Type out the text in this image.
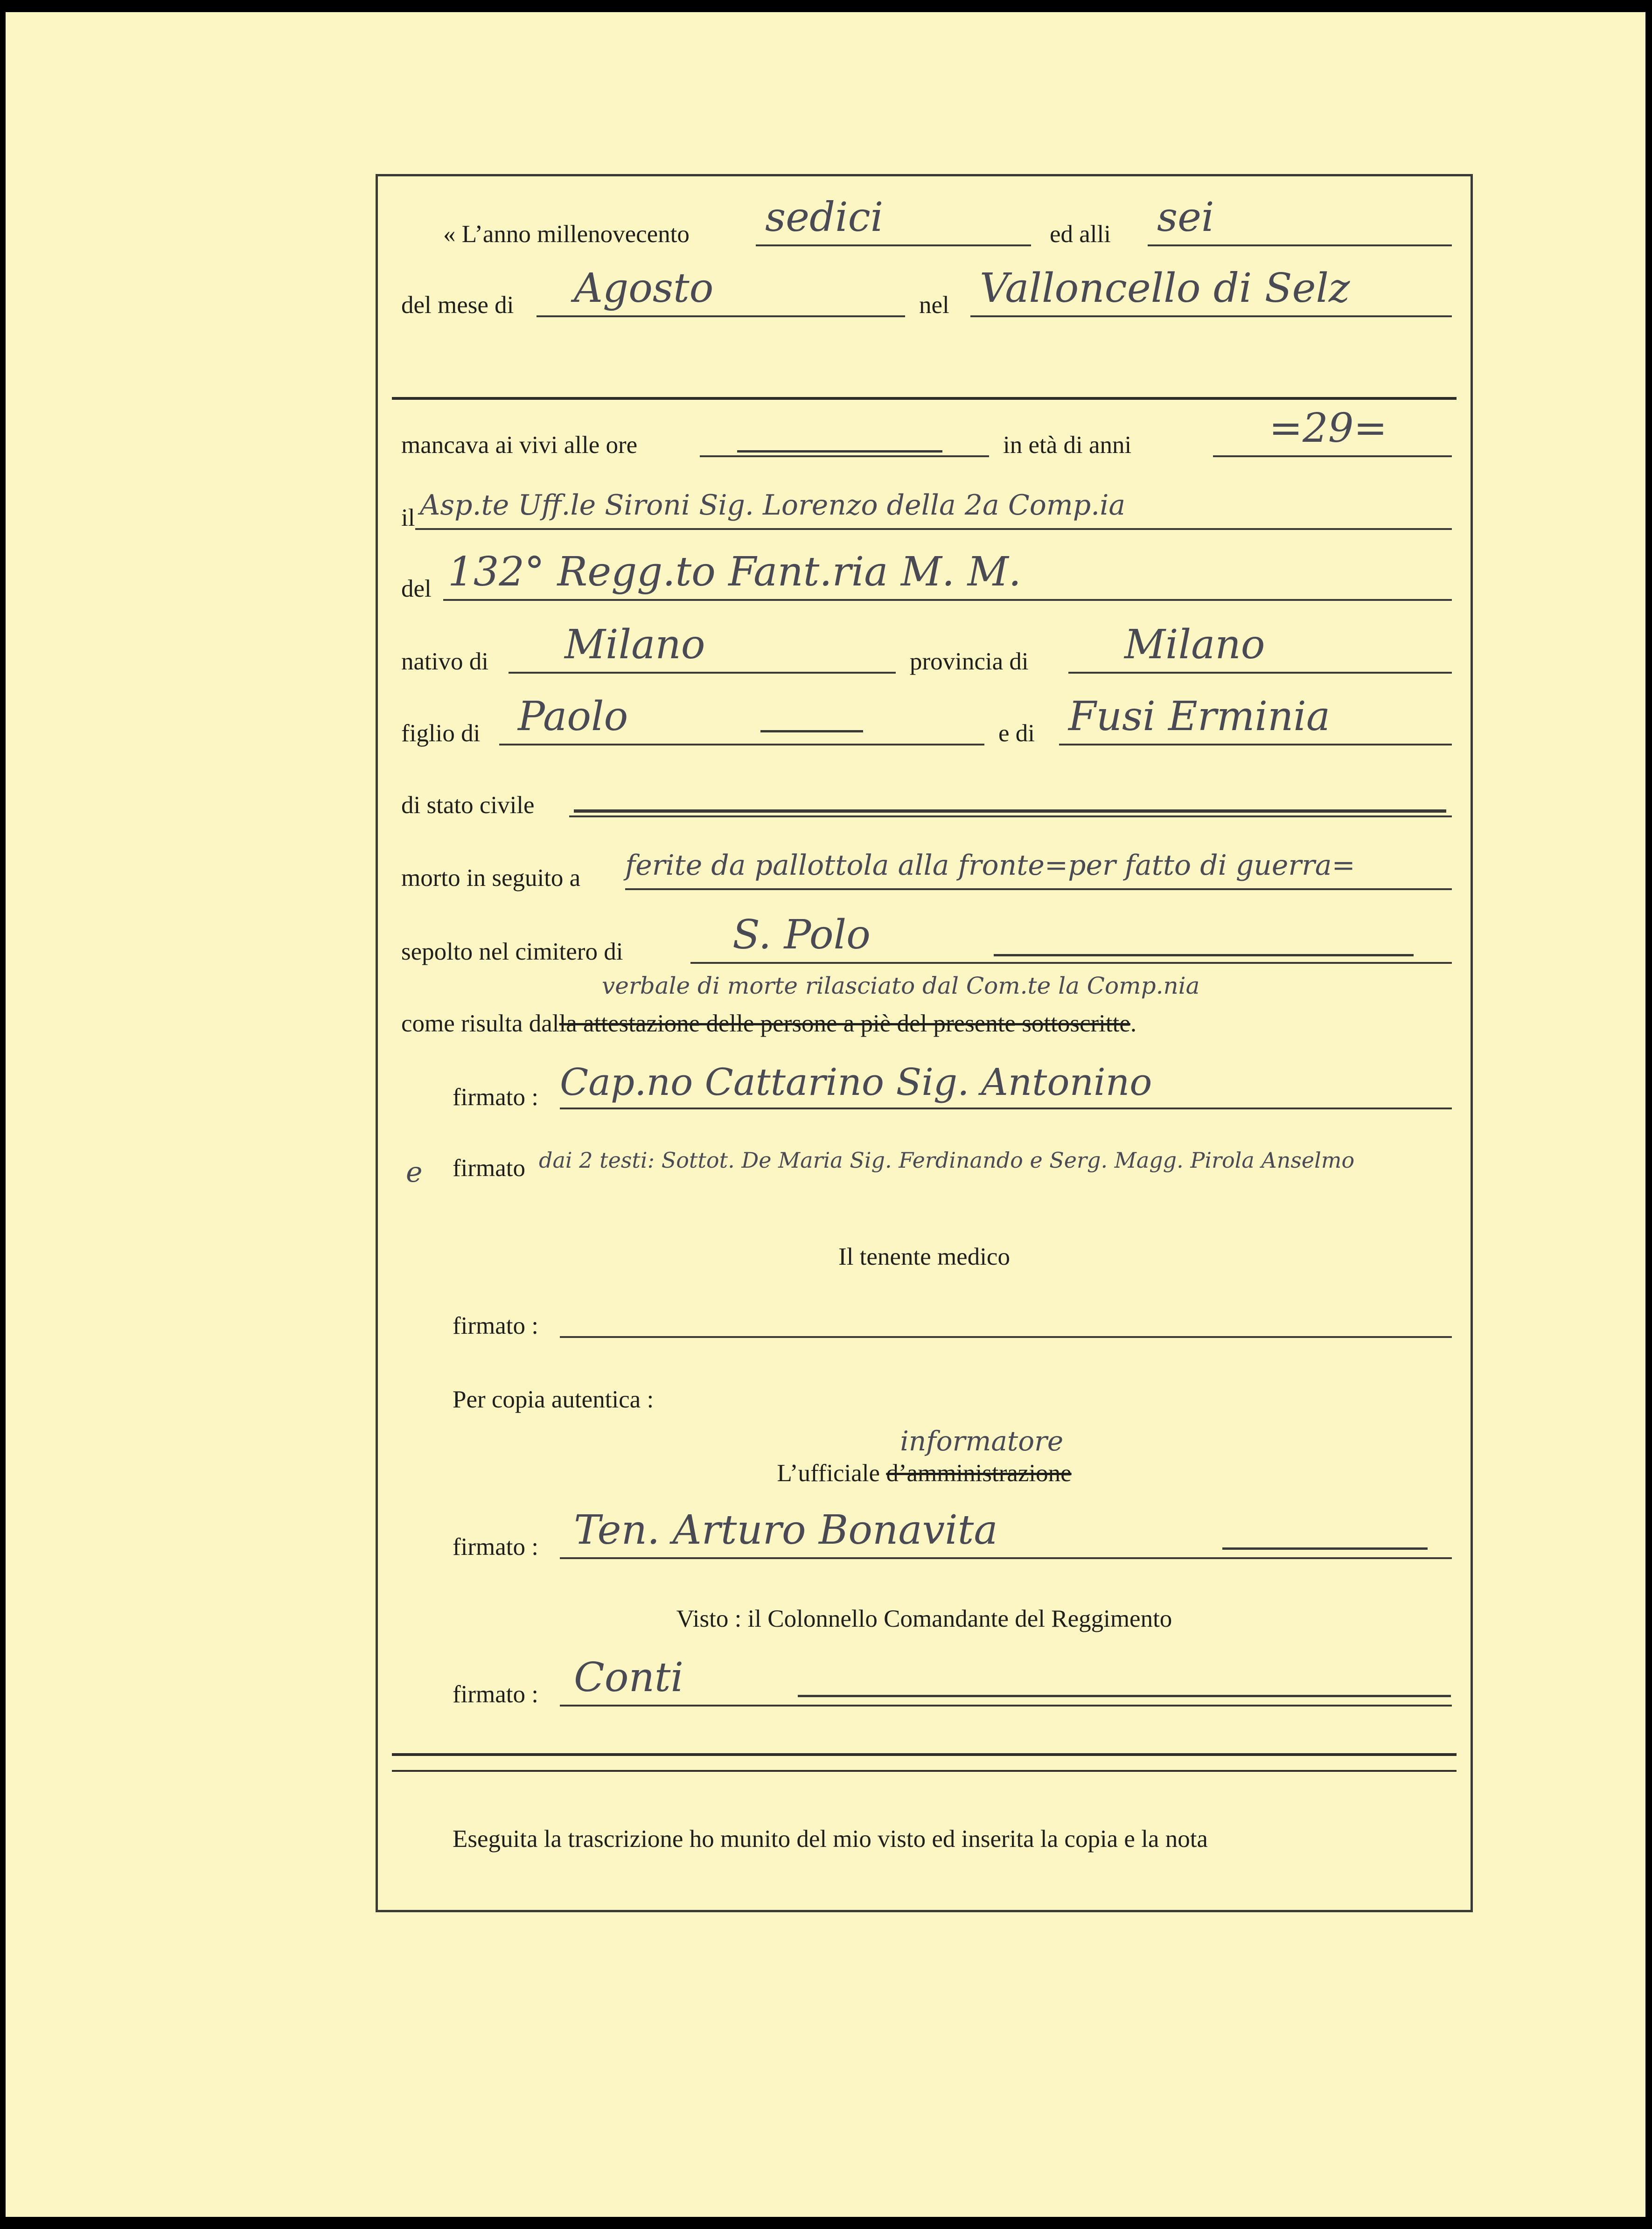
« L’anno millenovecento sedici	ed alli sei
del mese di Agosto	nel Valloncello di Selz
mancava ai vivi alle ore	in età di anni	=29=
il Asp.te Uff.le Sironi Sig. Lorenzo della 2a Comp.ia
del 132° Regg.to Fant.ria M. M.
nativo di Milano	provincia di Milano
figlio di Paolo	e di Fusi Erminia
di stato civile
morto in seguito a ferite da pallottola alla fronte=per fatto di guerra=
sepolto nel cimitero di	S. Polo
verbale di morte rilasciato dal Com.te la Comp.nia
come risulta dalla attestazione delle persone a piè del presente sottoscritte.
firmato : Cap.no Cattarino Sig. Antonino
e firmato dai 2 testi: Sottot. De Maria Sig. Ferdinando e Serg. Magg. Pirola Anselmo
Il tenente medico
firmato :
Per copia autentica :
L’ufficiale
informatore
d’amministrazione
firmato : Ten. Arturo Bonavita
Visto : il Colonnello Comandante del Reggimento
firmato : Conti
Eseguita la trascrizione ho munito del mio visto ed inserita la copia e la nota
